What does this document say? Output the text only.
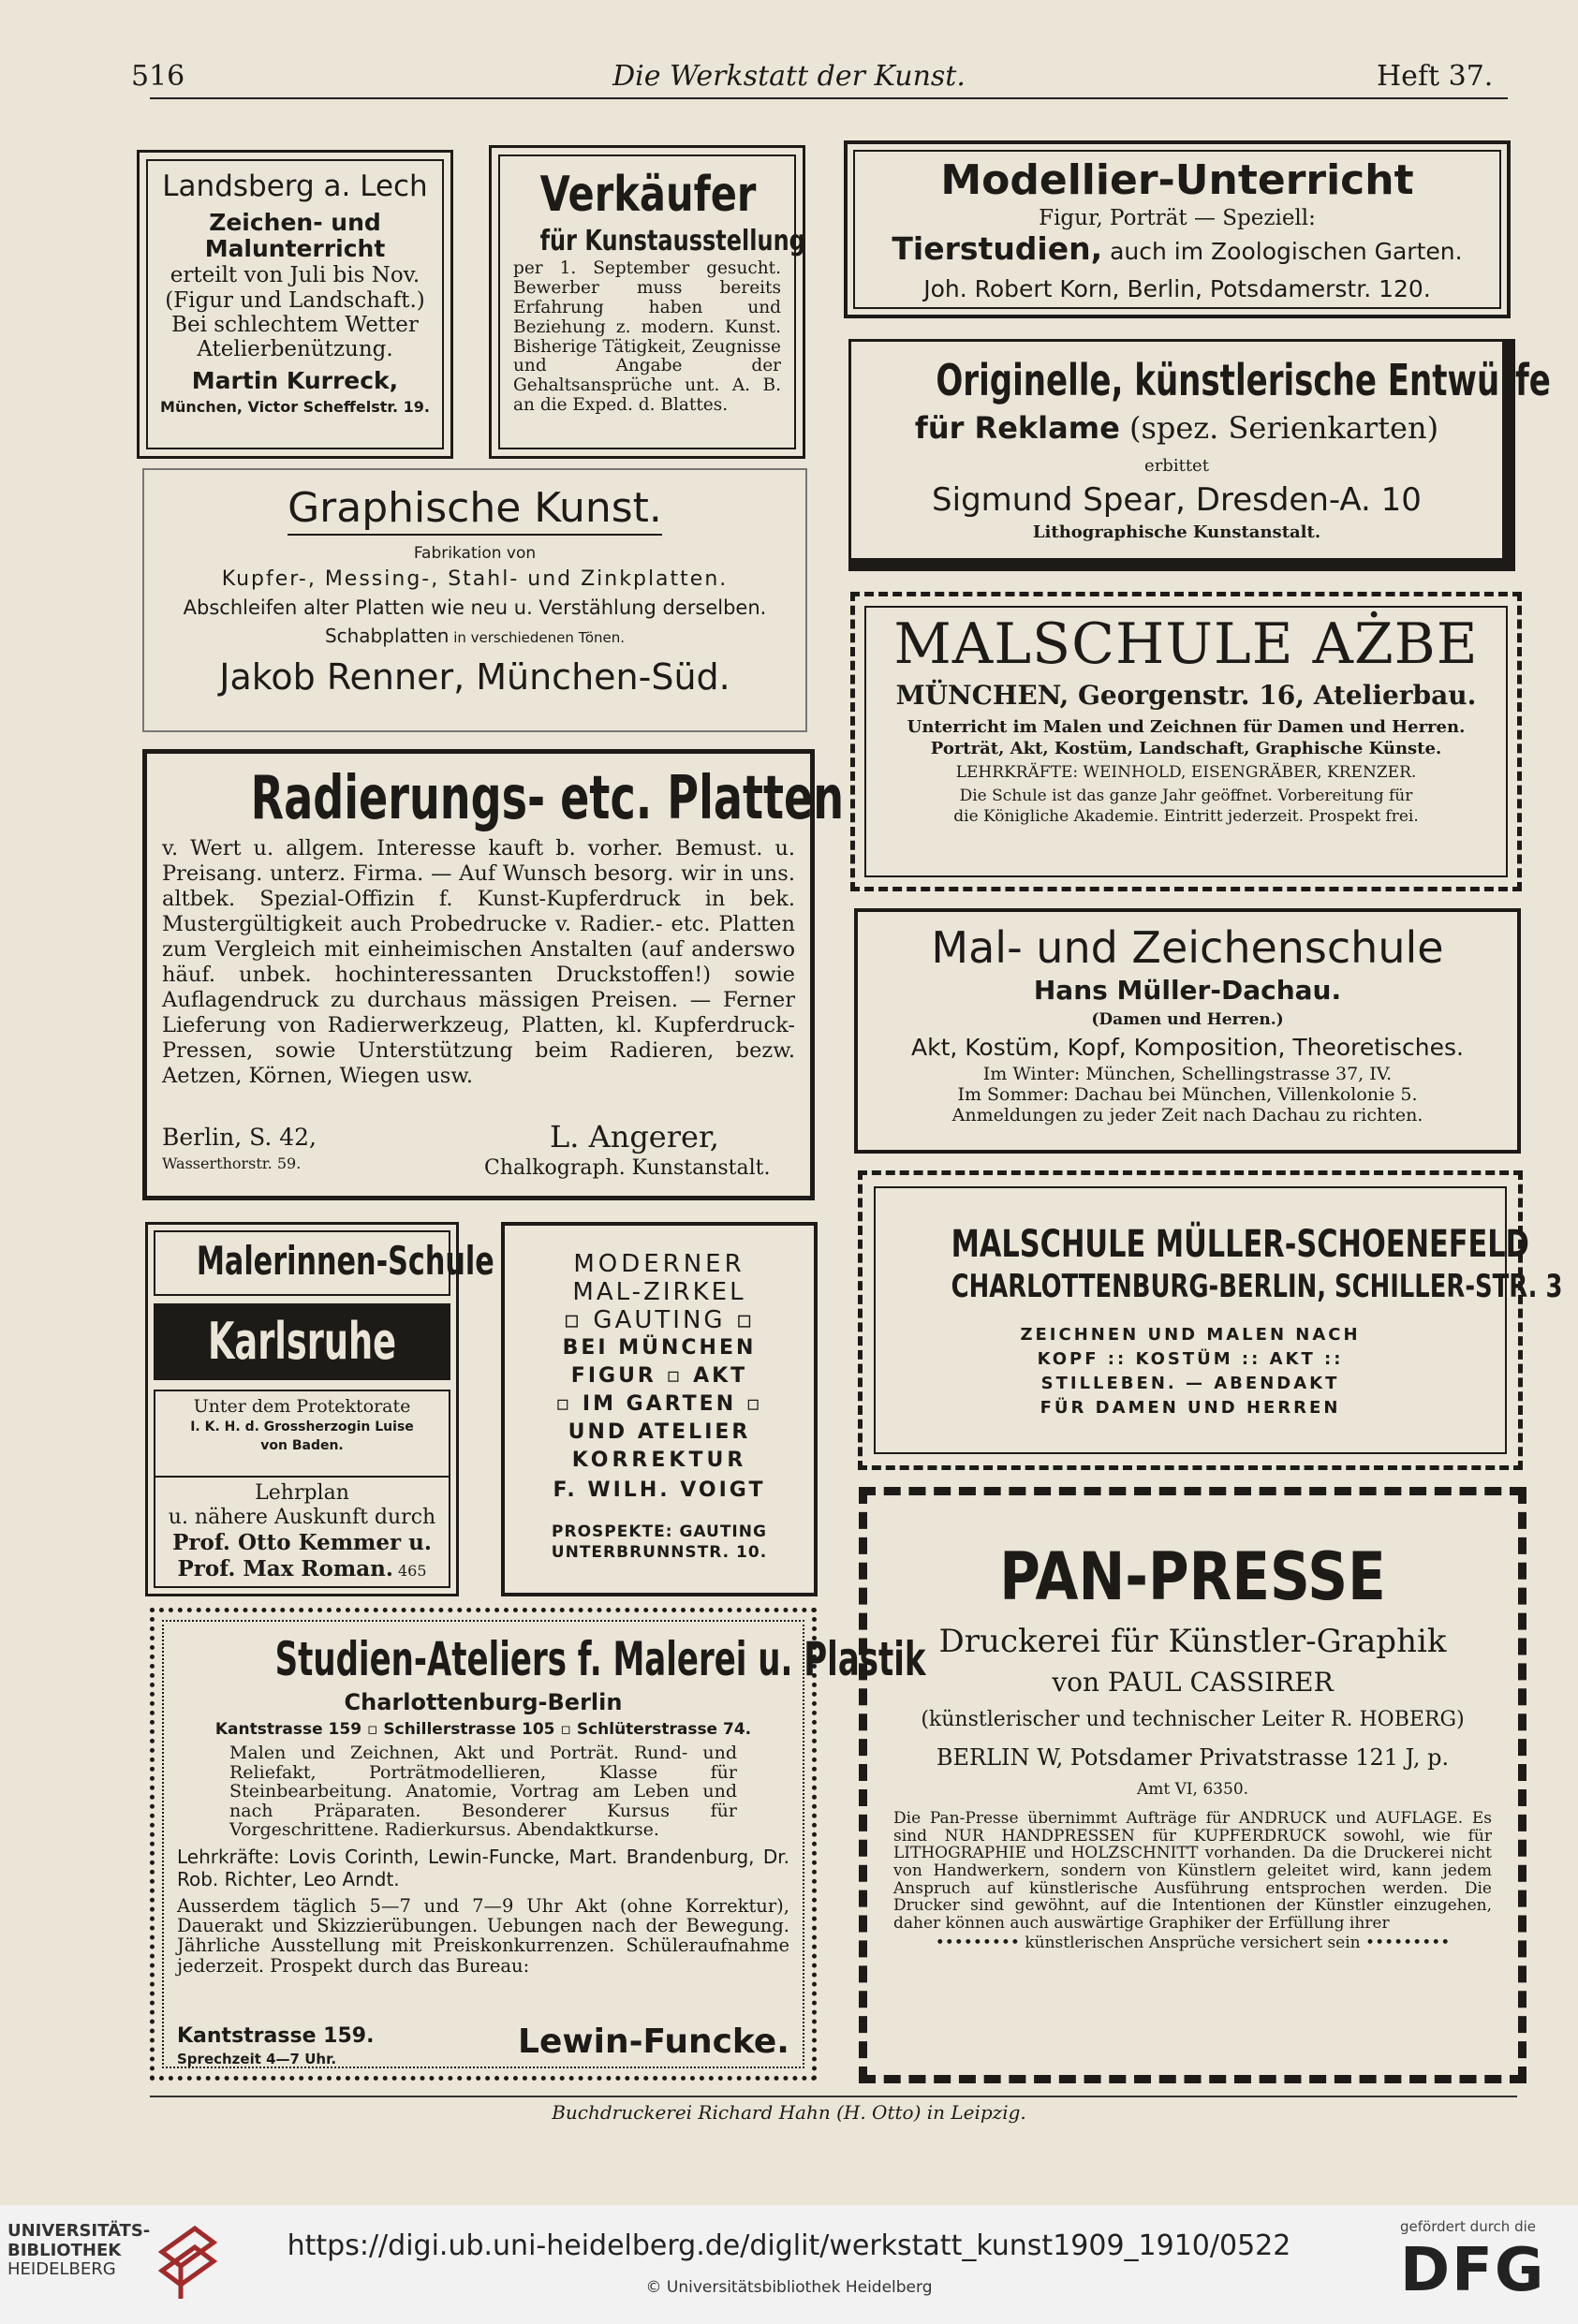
516	Die Werkstatt der Kunst.	Heft 37.
Landsberg a. Lech
Zeichen- und
Malunterricht
erteilt von Juli bis Nov.
(Figur und Landschaft.)
Bei schlechtem Wetter
Atelierbenützung.
Martin Kurreck,
München, Victor Scheffelstr. 19.
Verkäufer
für Kunstausstellung
per 1. September gesucht. Bewerber muss bereits Erfahrung haben und Beziehung z. modern. Kunst. Bisherige Tätigkeit, Zeugnisse und Angabe der Gehaltsansprüche unt. A. B. an die Exped. d. Blattes.
Modellier-Unterricht
Figur, Porträt — Speziell:
Tierstudien, auch im Zoologischen Garten.
Joh. Robert Korn, Berlin, Potsdamerstr. 120.
Originelle, künstlerische Entwürfe
für Reklame (spez. Serienkarten)
erbittet
Sigmund Spear, Dresden-A. 10
Lithographische Kunstanstalt.
Graphische Kunst.
Fabrikation von
Kupfer-, Messing-, Stahl- und Zinkplatten.
Abschleifen alter Platten wie neu u. Verstählung derselben.
Schabplatten in verschiedenen Tönen.
Jakob Renner, München-Süd.	MALSCHULE AŻBE
MÜNCHEN, Georgenstr. 16, Atelierbau.
Unterricht im Malen und Zeichnen für Damen und Herren.
Porträt, Akt, Kostüm, Landschaft, Graphische Künste.
LEHRKRÄFTE: WEINHOLD, EISENGRÄBER, KRENZER.
Die Schule ist das ganze Jahr geöffnet. Vorbereitung für
die Königliche Akademie. Eintritt jederzeit. Prospekt frei.
Radierungs- etc. Platten
v. Wert u. allgem. Interesse kauft b. vorher. Bemust. u. Preisang. unterz. Firma. — Auf Wunsch besorg. wir in uns. altbek. Spezial-Offizin f. Kunst-Kupferdruck in bek. Mustergültigkeit auch Probedrucke v. Radier.- etc. Platten zum Vergleich mit einheimischen Anstalten (auf anderswo häuf. unbek. hochinteressanten Druckstoffen!) sowie Auflagendruck zu durchaus mässigen Preisen. — Ferner Lieferung von Radierwerkzeug, Platten, kl. Kupferdruck-Pressen, sowie Unterstützung beim Radieren, bezw. Aetzen, Körnen, Wiegen usw.
Berlin, S. 42,
Wasserthorstr. 59.
L. Angerer,
Chalkograph. Kunstanstalt.
Mal- und Zeichenschule
Hans Müller-Dachau.
(Damen und Herren.)
Akt, Kostüm, Kopf, Komposition, Theoretisches.
Im Winter: München, Schellingstrasse 37, IV.
Im Sommer: Dachau bei München, Villenkolonie 5.
Anmeldungen zu jeder Zeit nach Dachau zu richten.
Malerinnen-Schule
Karlsruhe
Unter dem Protektorate
I. K. H. d. Grossherzogin Luise
von Baden.
Lehrplan
u. nähere Auskunft durch
Prof. Otto Kemmer u.
Prof. Max Roman. 465
MODERNER
MAL-ZIRKEL
▫ GAUTING ▫
BEI MÜNCHEN
FIGUR ▫ AKT
▫ IM GARTEN ▫
UND ATELIER
KORREKTUR
F. WILH. VOIGT
PROSPEKTE: GAUTING
UNTERBRUNNSTR. 10.
MALSCHULE MÜLLER-SCHOENEFELD
CHARLOTTENBURG-BERLIN, SCHILLER-STR. 3
ZEICHNEN UND MALEN NACH
KOPF :: KOSTÜM :: AKT ::
STILLEBEN. — ABENDAKT
FÜR DAMEN UND HERREN
Studien-Ateliers f. Malerei u. Plastik
Charlottenburg-Berlin
Kantstrasse 159 ▫ Schillerstrasse 105 ▫ Schlüterstrasse 74.
Malen und Zeichnen, Akt und Porträt. Rund- und Reliefakt, Porträtmodellieren, Klasse für Steinbearbeitung. Anatomie, Vortrag am Leben und nach Präparaten. Besonderer Kursus für Vorgeschrittene. Radierkursus. Abendaktkurse.
Lehrkräfte: Lovis Corinth, Lewin-Funcke, Mart. Brandenburg, Dr. Rob. Richter, Leo Arndt.
Ausserdem täglich 5—7 und 7—9 Uhr Akt (ohne Korrektur), Dauerakt und Skizzierübungen. Uebungen nach der Bewegung. Jährliche Ausstellung mit Preiskonkurrenzen. Schüleraufnahme jederzeit. Prospekt durch das Bureau:
Kantstrasse 159.
Sprechzeit 4—7 Uhr.	Lewin-Funcke.
PAN-PRESSE
Druckerei für Künstler-Graphik
von PAUL CASSIRER
(künstlerischer und technischer Leiter R. HOBERG)
BERLIN W, Potsdamer Privatstrasse 121 J, p.
Amt VI, 6350.
Die Pan-Presse übernimmt Aufträge für ANDRUCK und AUFLAGE. Es sind NUR HANDPRESSEN für KUPFERDRUCK sowohl, wie für LITHOGRAPHIE und HOLZSCHNITT vorhanden. Da die Druckerei nicht von Handwerkern, sondern von Künstlern geleitet wird, kann jedem Anspruch auf künstlerische Ausführung entsprochen werden. Die Drucker sind gewöhnt, auf die Intentionen der Künstler einzugehen, daher können auch auswärtige Graphiker der Erfüllung ihrer
••••••••• künstlerischen Ansprüche versichert sein •••••••••
Buchdruckerei Richard Hahn (H. Otto) in Leipzig.
UNIVERSITÄTS-
BIBLIOTHEK
HEIDELBERG
https://digi.ub.uni-heidelberg.de/diglit/werkstatt_kunst1909_1910/0522
© Universitätsbibliothek Heidelberg
gefördert durch die
DFG
